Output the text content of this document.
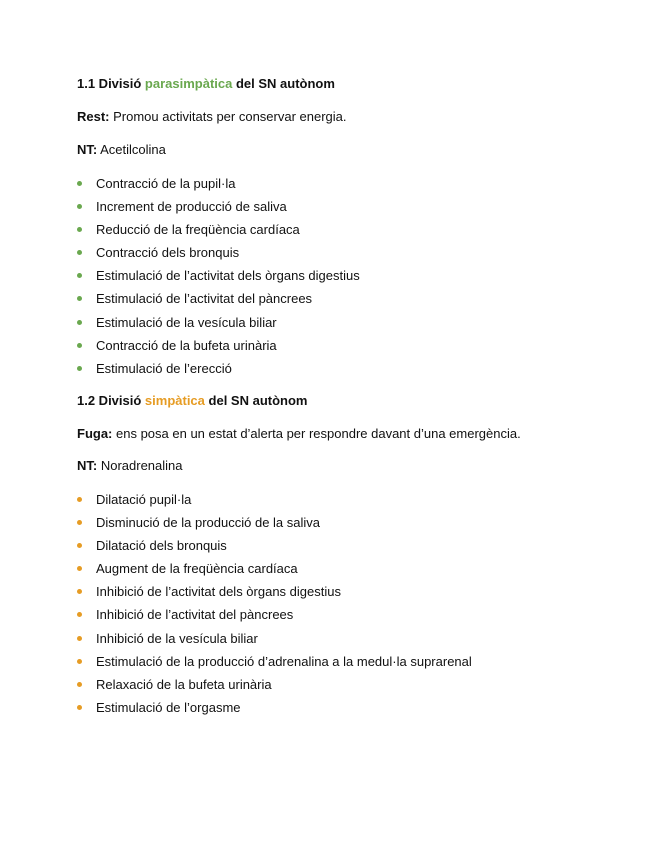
1.1 Divisió parasimpàtica del SN autònom

Rest: Promou activitats per conservar energia.

NT: Acetilcolina

Contracció de la pupil·la
Increment de producció de saliva
Reducció de la freqüència cardíaca
Contracció dels bronquis
Estimulació de l’activitat dels òrgans digestius
Estimulació de l’activitat del pàncrees
Estimulació de la vesícula biliar
Contracció de la bufeta urinària
Estimulació de l’erecció
1.2 Divisió simpàtica del SN autònom

Fuga: ens posa en un estat d’alerta per respondre davant d’una emergència.

NT: Noradrenalina

Dilatació pupil·la
Disminució de la producció de la saliva
Dilatació dels bronquis
Augment de la freqüència cardíaca
Inhibició de l’activitat dels òrgans digestius
Inhibició de l’activitat del pàncrees
Inhibició de la vesícula biliar
Estimulació de la producció d’adrenalina a la medul·la suprarenal
Relaxació de la bufeta urinària
Estimulació de l’orgasme
